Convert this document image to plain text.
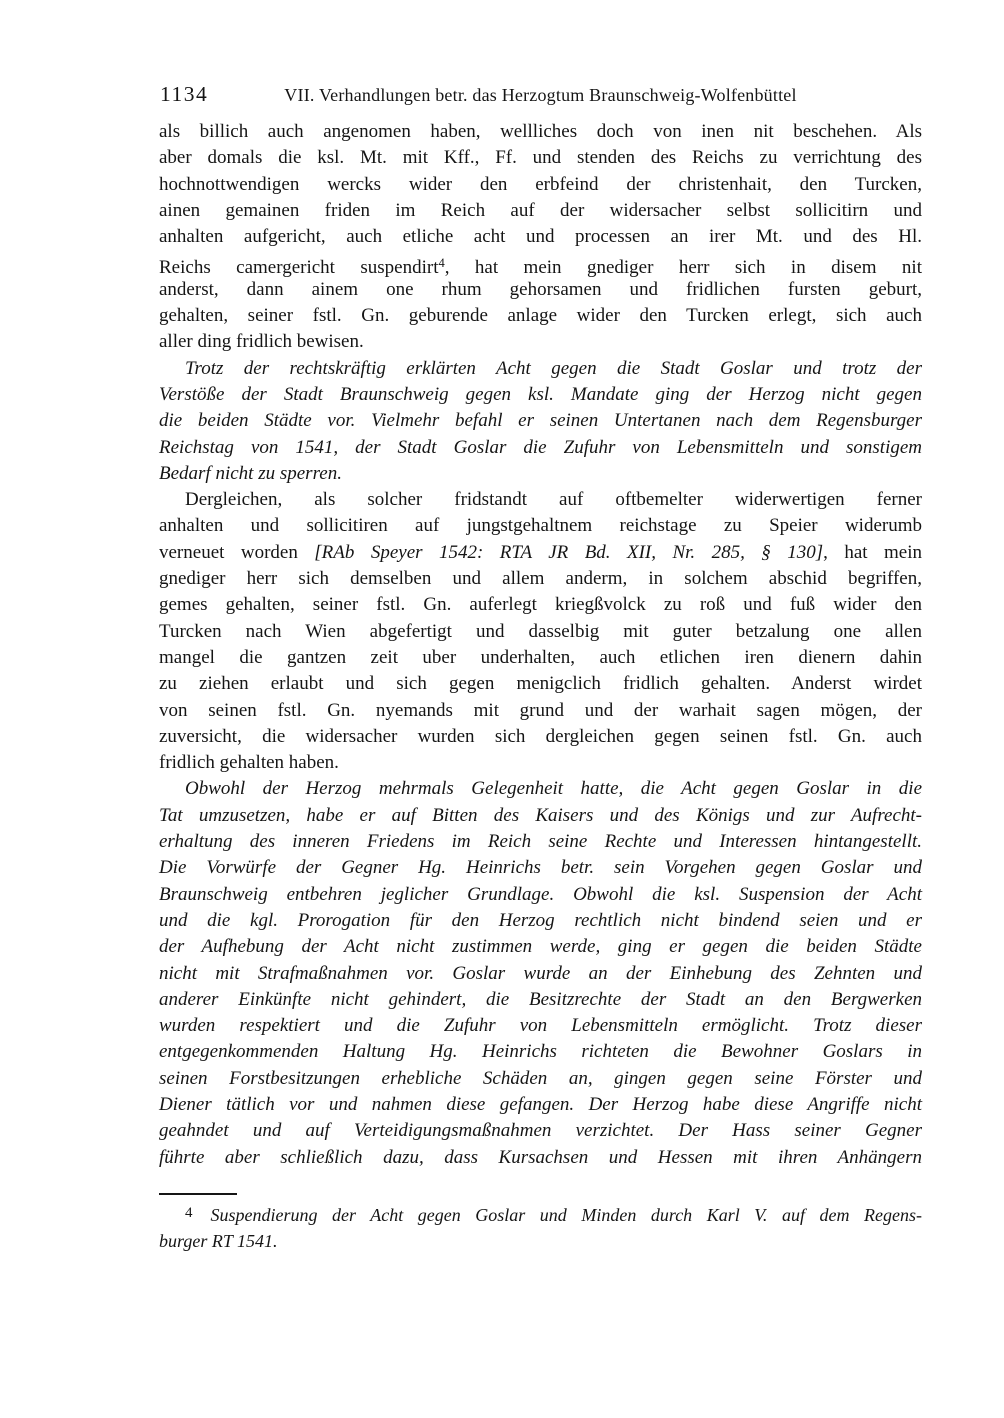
1134	VII. Verhandlungen betr. das Herzogtum Braunschweig-Wolfenbüttel
als billich auch angenomen haben, wellliches doch von inen nit beschehen. Als
aber domals die ksl. Mt. mit Kff., Ff. und stenden des Reichs zu verrichtung des
hochnottwendigen wercks wider den erbfeind der christenhait, den Turcken,
ainen gemainen friden im Reich auf der widersacher selbst sollicitirn und
anhalten aufgericht, auch etliche acht und processen an irer Mt. und des Hl.
Reichs camergericht suspendirt$^4$, hat mein gnediger herr sich in disem nit
anderst, dann ainem one rhum gehorsamen und fridlichen fursten geburt,
gehalten, seiner fstl. Gn. geburende anlage wider den Turcken erlegt, sich auch
aller ding fridlich bewisen.
Trotz der rechtskräftig erklärten Acht gegen die Stadt Goslar und trotz der
Verstöße der Stadt Braunschweig gegen ksl. Mandate ging der Herzog nicht gegen
die beiden Städte vor. Vielmehr befahl er seinen Untertanen nach dem Regensburger
Reichstag von 1541, der Stadt Goslar die Zufuhr von Lebensmitteln und sonstigem
Bedarf nicht zu sperren.
Dergleichen, als solcher fridstandt auf oftbemelter widerwertigen ferner
anhalten und sollicitiren auf jungstgehaltnem reichstage zu Speier widerumb
verneuet worden [RAb Speyer 1542: RTA JR Bd. XII, Nr. 285, § 130], hat mein
gnediger herr sich demselben und allem anderm, in solchem abschid begriffen,
gemes gehalten, seiner fstl. Gn. auferlegt kriegßvolck zu roß und fuß wider den
Turcken nach Wien abgefertigt und dasselbig mit guter betzalung one allen
mangel die gantzen zeit uber underhalten, auch etlichen iren dienern dahin
zu ziehen erlaubt und sich gegen menigclich fridlich gehalten. Anderst wirdet
von seinen fstl. Gn. nyemands mit grund und der warhait sagen mögen, der
zuversicht, die widersacher wurden sich dergleichen gegen seinen fstl. Gn. auch
fridlich gehalten haben.
Obwohl der Herzog mehrmals Gelegenheit hatte, die Acht gegen Goslar in die
Tat umzusetzen, habe er auf Bitten des Kaisers und des Königs und zur Aufrecht-
erhaltung des inneren Friedens im Reich seine Rechte und Interessen hintangestellt.
Die Vorwürfe der Gegner Hg. Heinrichs betr. sein Vorgehen gegen Goslar und
Braunschweig entbehren jeglicher Grundlage. Obwohl die ksl. Suspension der Acht
und die kgl. Prorogation für den Herzog rechtlich nicht bindend seien und er
der Aufhebung der Acht nicht zustimmen werde, ging er gegen die beiden Städte
nicht mit Strafmaßnahmen vor. Goslar wurde an der Einhebung des Zehnten und
anderer Einkünfte nicht gehindert, die Besitzrechte der Stadt an den Bergwerken
wurden respektiert und die Zufuhr von Lebensmitteln ermöglicht. Trotz dieser
entgegenkommenden Haltung Hg. Heinrichs richteten die Bewohner Goslars in
seinen Forstbesitzungen erhebliche Schäden an, gingen gegen seine Förster und
Diener tätlich vor und nahmen diese gefangen. Der Herzog habe diese Angriffe nicht
geahndet und auf Verteidigungsmaßnahmen verzichtet. Der Hass seiner Gegner
führte aber schließlich dazu, dass Kursachsen und Hessen mit ihren Anhängern
$^4$ Suspendierung der Acht gegen Goslar und Minden durch Karl V. auf dem Regens-
burger RT 1541.
